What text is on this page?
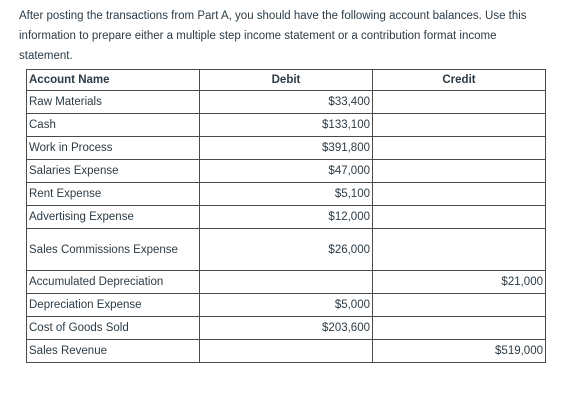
After posting the transactions from Part A, you should have the following account balances. Use this information to prepare either a multiple step income statement or a contribution format income statement.

Account Name	Debit	Credit
Raw Materials	$33,400	
Cash	$133,100	
Work in Process	$391,800	
Salaries Expense	$47,000	
Rent Expense	$5,100	
Advertising Expense	$12,000	
Sales Commissions Expense	$26,000	
Accumulated Depreciation		$21,000
Depreciation Expense	$5,000	
Cost of Goods Sold	$203,600	
Sales Revenue		$519,000
